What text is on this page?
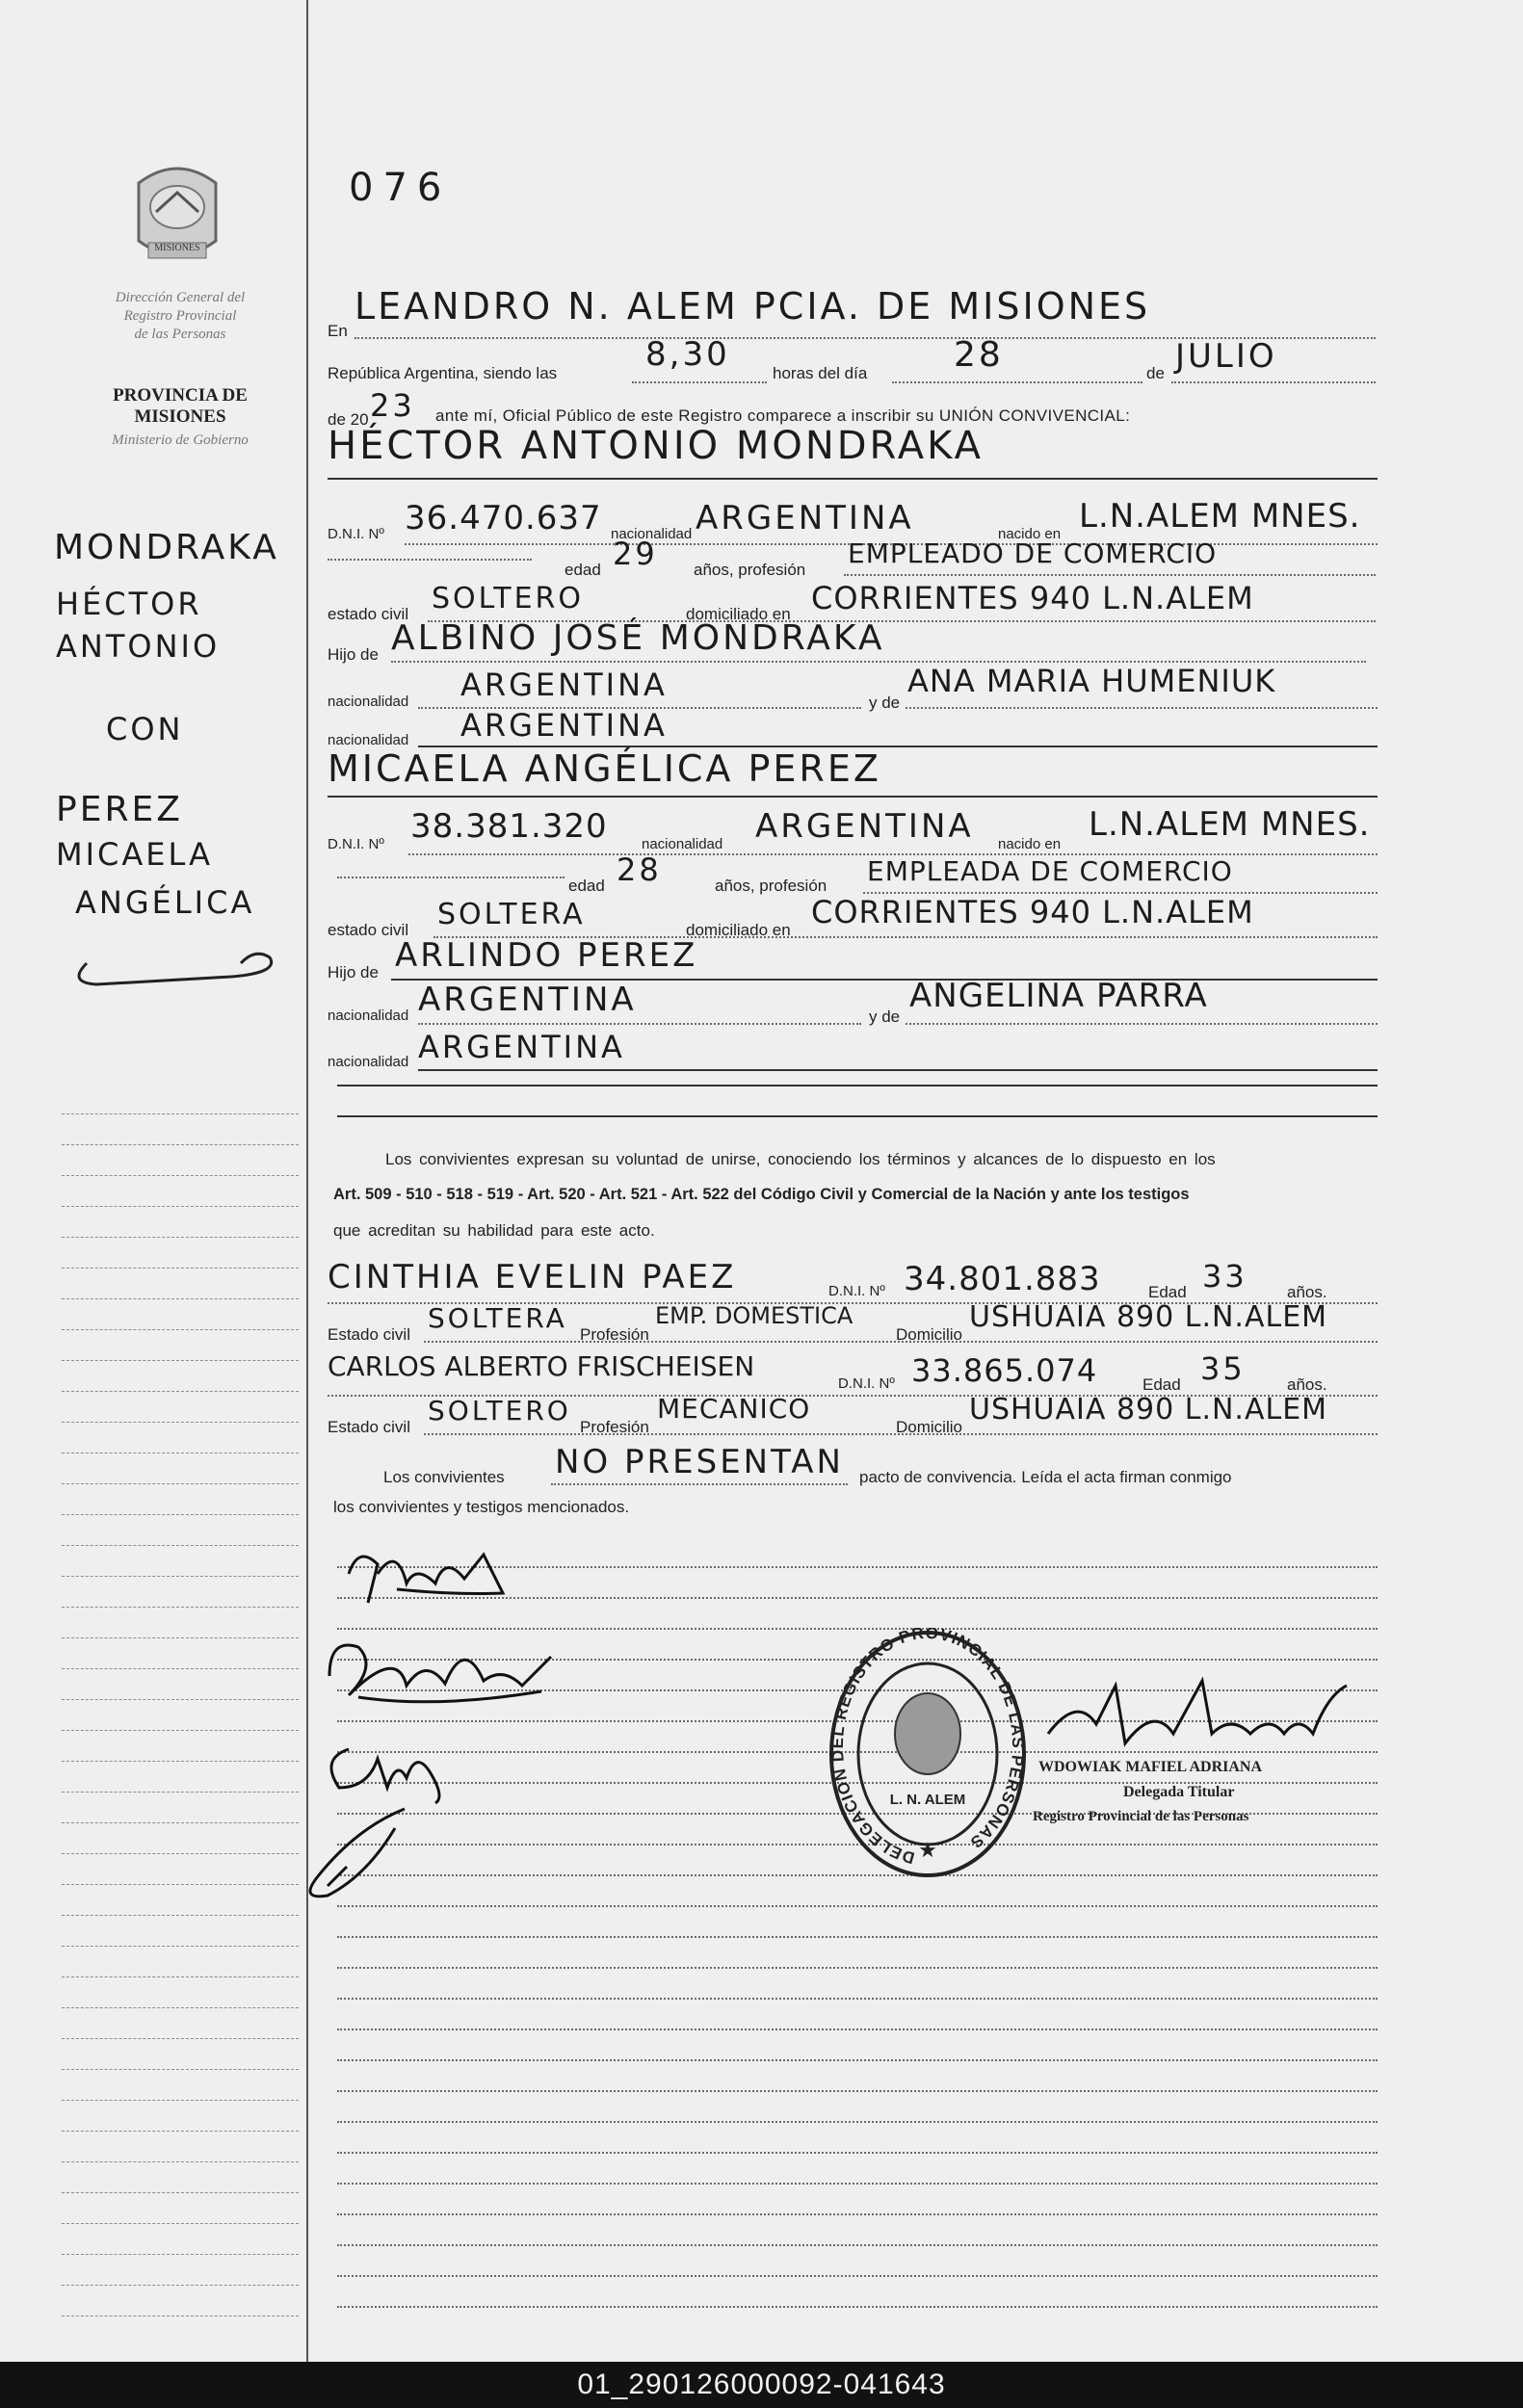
MISIONES
Dirección General del
Registro Provincial
de las Personas
PROVINCIA DE
MISIONES
Ministerio de Gobierno
MONDRAKA
HÉCTOR
ANTONIO
CON
PEREZ
MICAELA
ANGÉLICA
076
En
LEANDRO N. ALEM PCIA. DE MISIONES
República Argentina, siendo las	8,30	horas del día 28	de JULIO
de 20 23 ante mí, Oficial Público de este Registro comparece a inscribir su UNIÓN CONVIVENCIAL:
HÉCTOR ANTONIO MONDRAKA
D.N.I. Nº 36.470.637 nacionalidad ARGENTINA	nacido en L.N.ALEM MNES.
edad 29 años, profesión
EMPLEADO DE COMERCIO
estado civil SOLTERO	domiciliado en CORRIENTES 940 L.N.ALEM
Hijo de ALBINO JOSÉ MONDRAKA
nacionalidad ARGENTINA	y de
ANA MARIA HUMENIUK
nacionalidad ARGENTINA
MICAELA ANGÉLICA PEREZ
D.N.I. Nº 38.381.320 nacionalidad ARGENTINA nacido en
L.N.ALEM MNES.
edad 28	años, profesión EMPLEADA DE COMERCIO
estado civil SOLTERA	domiciliado en CORRIENTES 940 L.N.ALEM
Hijo de ARLINDO PEREZ
nacionalidad ARGENTINA	y de
ANGELINA PARRA
nacionalidad ARGENTINA
Los convivientes expresan su voluntad de unirse, conociendo los términos y alcances de lo dispuesto en los
Art. 509 - 510 - 518 - 519 - Art. 520 - Art. 521 - Art. 522 del Código Civil y Comercial de la Nación y ante los testigos
que acreditan su habilidad para este acto.
CINTHIA EVELIN PAEZ	D.N.I. Nº 34.801.883	Edad 33 años.
Estado civil
SOLTERA
Profesión
EMP. DOMESTICA
Domicilio
USHUAIA 890 L.N.ALEM
CARLOS ALBERTO FRISCHEISEN
D.N.I. Nº 33.865.074	Edad 35	años.
Estado civil
SOLTERO
Profesión
MECANICO
Domicilio
USHUAIA 890 L.N.ALEM
Los convivientes NO PRESENTAN pacto de convivencia. Leída el acta firman conmigo
los convivientes y testigos mencionados.
DELEGACIÓN DEL REGISTRO PROVINCIAL DE LAS PERSONAS
★
L. N. ALEM
WDOWIAK MAFIEL ADRIANA
Delegada Titular
Registro Provincial de las Personas
01_290126000092-041643
